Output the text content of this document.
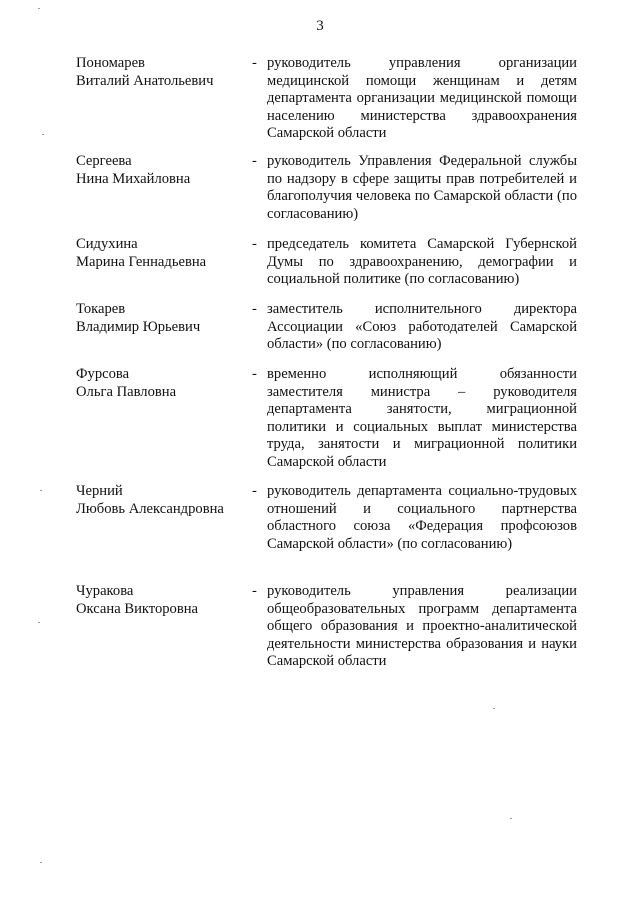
3
Пономарев
Виталий Анатольевич
- руководитель управления организации медицинской помощи женщинам и детям департамента организации медицинской помощи населению министерства здравоохранения Самарской области
Сергеева
Нина Михайловна
- руководитель Управления Федеральной службы по надзору в сфере защиты прав потребителей и благополучия человека по Самарской области (по согласованию)
Сидухина
Марина Геннадьевна
- председатель комитета Самарской Губернской Думы по здравоохранению, демографии и социальной политике (по согласованию)
Токарев
Владимир Юрьевич
- заместитель исполнительного директора Ассоциации «Союз работодателей Самарской области» (по согласованию)
Фурсова
Ольга Павловна
- временно исполняющий обязанности заместителя министра – руководителя департамента занятости, миграционной политики и социальных выплат министерства труда, занятости и миграционной политики Самарской области
Черний
Любовь Александровна
- руководитель департамента социально-трудовых отношений и социального партнерства областного союза «Федерация профсоюзов Самарской области» (по согласованию)
Чуракова
Оксана Викторовна
- руководитель управления реализации общеобразовательных программ департамента общего образования и проектно-аналитической деятельности министерства образования и науки Самарской области
